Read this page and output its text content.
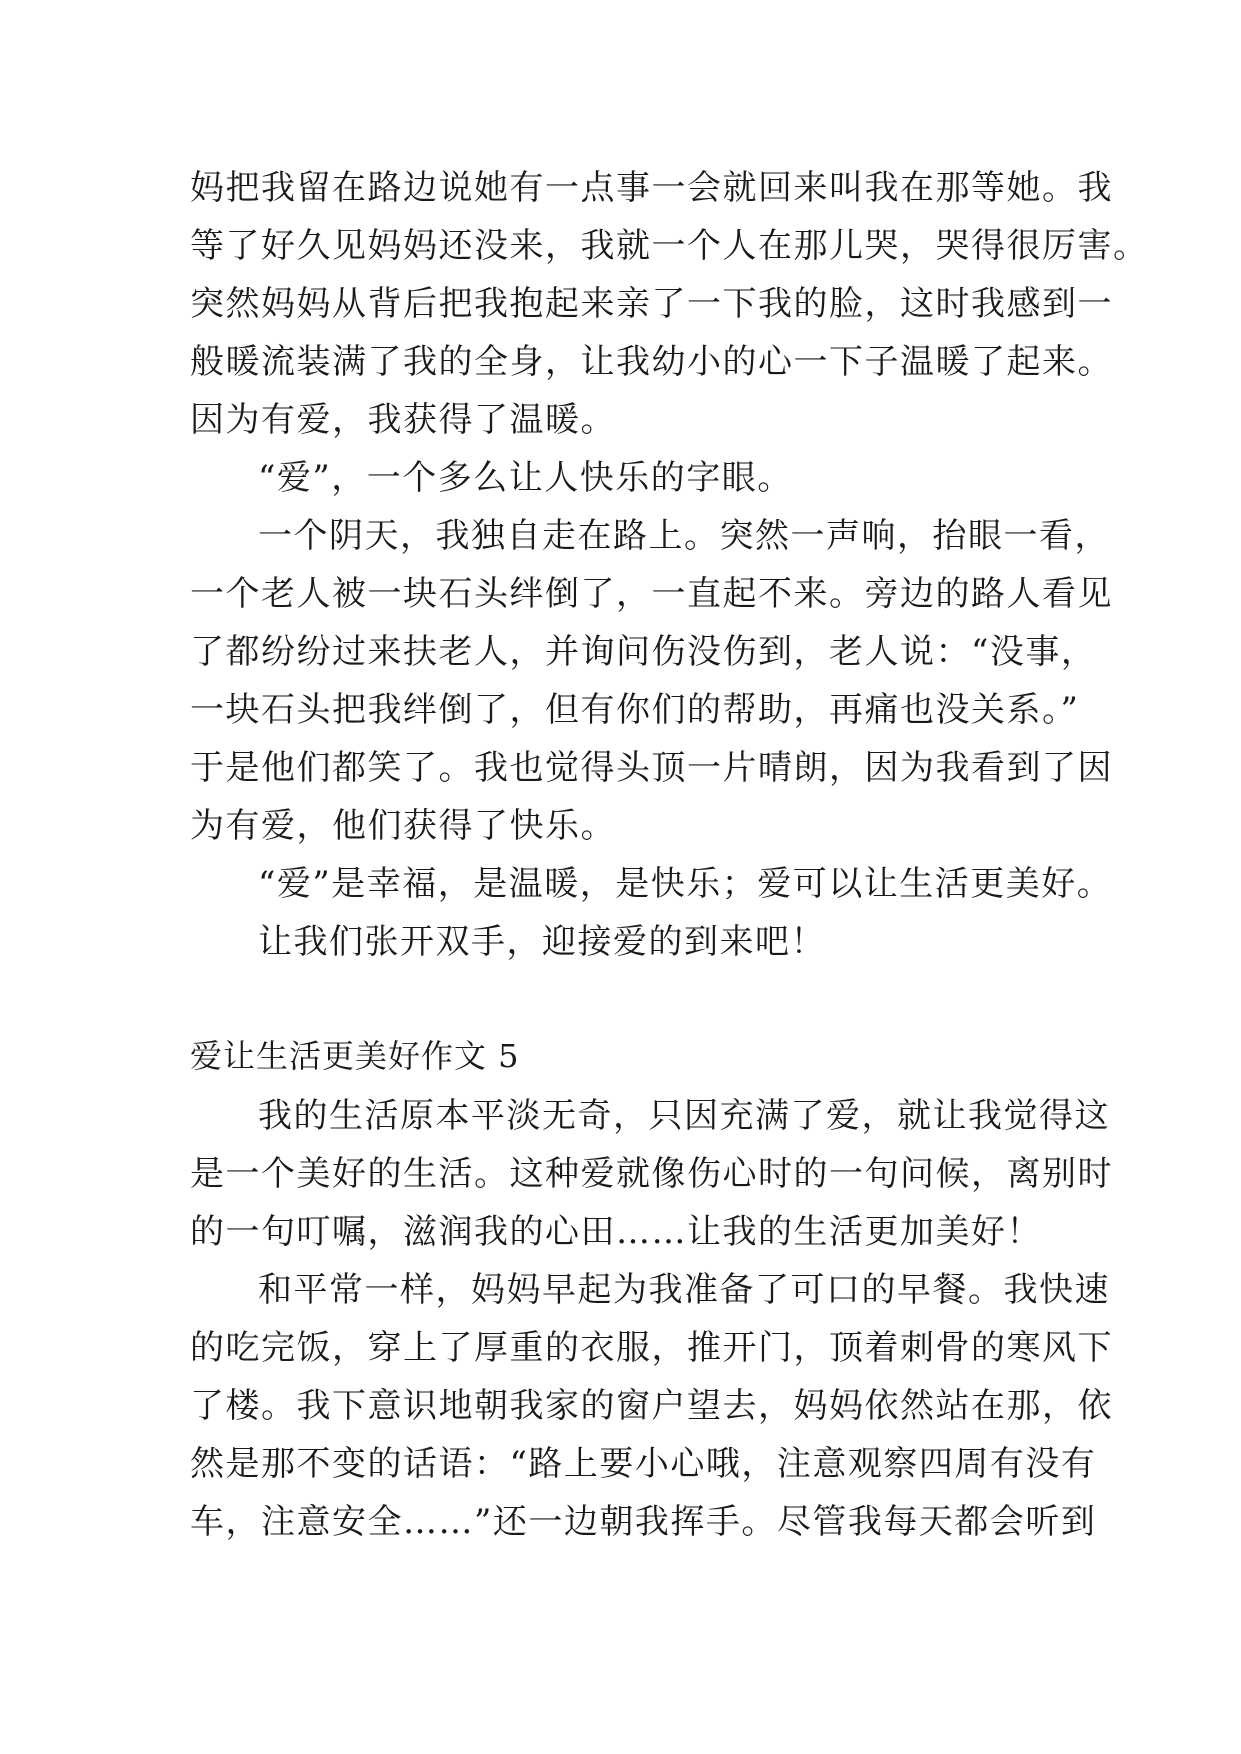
妈把我留在路边说她有一点事一会就回来叫我在那等她。我
等了好久见妈妈还没来，我就一个人在那儿哭，哭得很厉害。
突然妈妈从背后把我抱起来亲了一下我的脸，这时我感到一
般暖流装满了我的全身，让我幼小的心一下子温暖了起来。
因为有爱，我获得了温暖。
“爱”，一个多么让人快乐的字眼。
一个阴天，我独自走在路上。突然一声响，抬眼一看，
一个老人被一块石头绊倒了，一直起不来。旁边的路人看见
了都纷纷过来扶老人，并询问伤没伤到，老人说：“没事，
一块石头把我绊倒了，但有你们的帮助，再痛也没关系。”
于是他们都笑了。我也觉得头顶一片晴朗，因为我看到了因
为有爱，他们获得了快乐。
“爱”是幸福，是温暖，是快乐；爱可以让生活更美好。
让我们张开双手，迎接爱的到来吧！
爱让生活更美好作文 5
我的生活原本平淡无奇，只因充满了爱，就让我觉得这
是一个美好的生活。这种爱就像伤心时的一句问候，离别时
的一句叮嘱，滋润我的心田……让我的生活更加美好！
和平常一样，妈妈早起为我准备了可口的早餐。我快速
的吃完饭，穿上了厚重的衣服，推开门，顶着刺骨的寒风下
了楼。我下意识地朝我家的窗户望去，妈妈依然站在那，依
然是那不变的话语：“路上要小心哦，注意观察四周有没有
车，注意安全……”还一边朝我挥手。尽管我每天都会听到
